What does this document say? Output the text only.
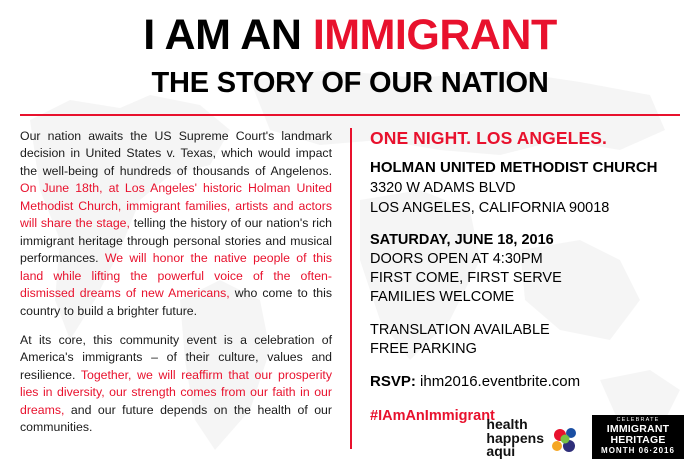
I AM AN IMMIGRANT
THE STORY OF OUR NATION

Our nation awaits the US Supreme Court's landmark decision in United States v. Texas, which would impact the well-being of hundreds of thousands of Angelenos. On June 18th, at Los Angeles' historic Holman United Methodist Church, immigrant families, artists and actors will share the stage, telling the history of our nation's rich immigrant heritage through personal stories and musical performances. We will honor the native people of this land while lifting the powerful voice of the often-dismissed dreams of new Americans, who come to this country to build a brighter future.

At its core, this community event is a celebration of America's immigrants – of their culture, values and resilience. Together, we will reaffirm that our prosperity lies in diversity, our strength comes from our faith in our dreams, and our future depends on the health of our communities.

ONE NIGHT. LOS ANGELES.
HOLMAN UNITED METHODIST CHURCH
3320 W ADAMS BLVD
LOS ANGELES, CALIFORNIA 90018
SATURDAY, JUNE 18, 2016
DOORS OPEN AT 4:30PM
FIRST COME, FIRST SERVE
FAMILIES WELCOME
TRANSLATION AVAILABLE
FREE PARKING
RSVP: ihm2016.eventbrite.com
#IAmAnImmigrant
health
happens
aqui
CELEBRATE
IMMIGRANT
HERITAGE
MONTH 06·2016
